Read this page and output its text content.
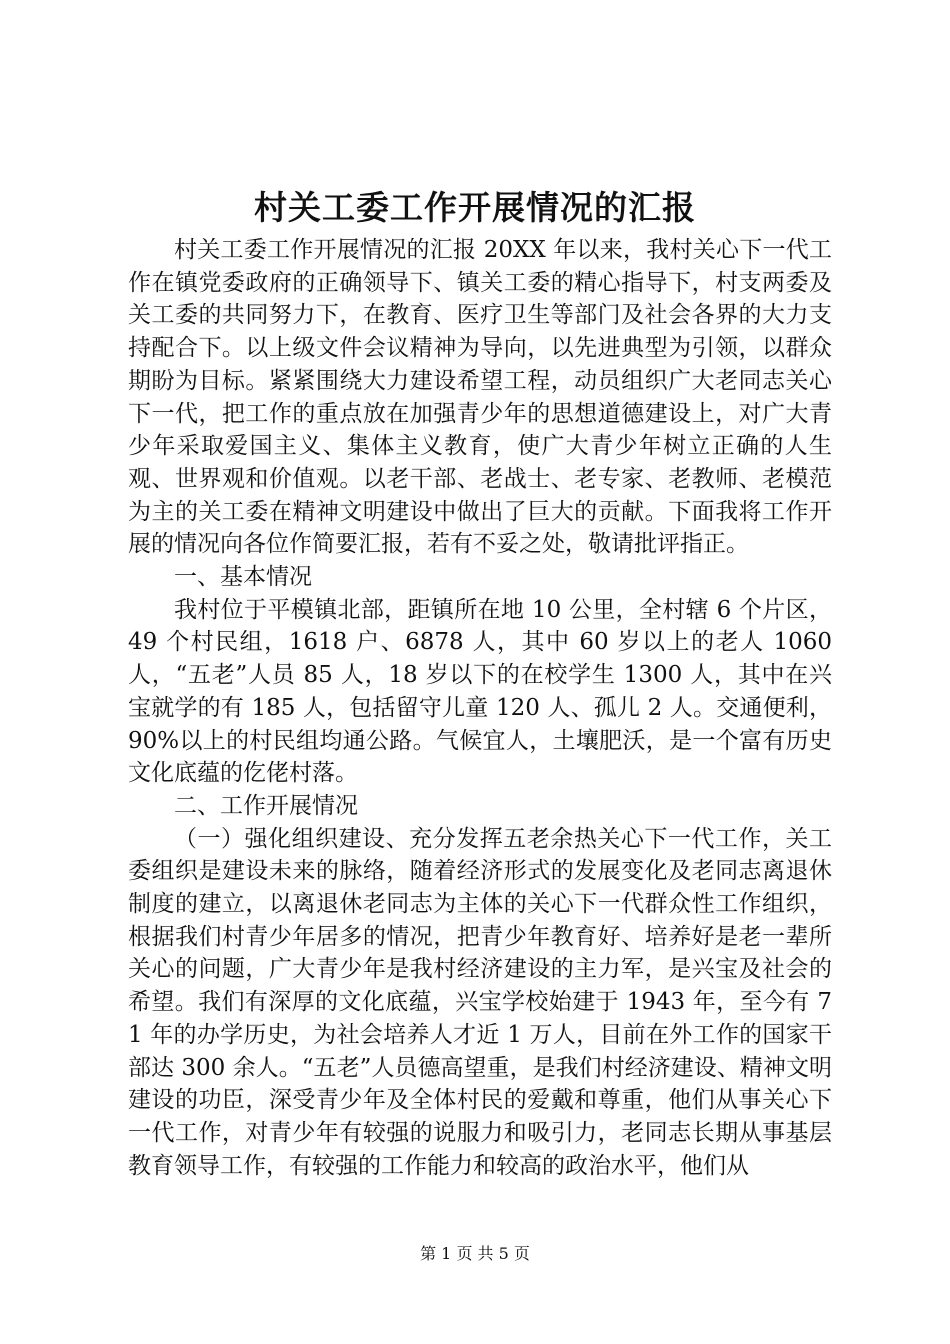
村关工委工作开展情况的汇报

村关工委工作开展情况的汇报 20XX 年以来，我村关心下一代工作在镇党委政府的正确领导下、镇关工委的精心指导下，村支两委及关工委的共同努力下，在教育、医疗卫生等部门及社会各界的大力支持配合下。以上级文件会议精神为导向，以先进典型为引领，以群众期盼为目标。紧紧围绕大力建设希望工程，动员组织广大老同志关心下一代，把工作的重点放在加强青少年的思想道德建设上，对广大青少年采取爱国主义、集体主义教育，使广大青少年树立正确的人生观、世界观和价值观。以老干部、老战士、老专家、老教师、老模范为主的关工委在精神文明建设中做出了巨大的贡献。下面我将工作开展的情况向各位作简要汇报，若有不妥之处，敬请批评指正。

一、基本情况

我村位于平模镇北部，距镇所在地 10 公里，全村辖 6 个片区，49 个村民组，1618 户、6878 人，其中 60 岁以上的老人 1060 人，“五老”人员 85 人，18 岁以下的在校学生 1300 人，其中在兴宝就学的有 185 人，包括留守儿童 120 人、孤儿 2 人。交通便利，90%以上的村民组均通公路。气候宜人，土壤肥沃，是一个富有历史文化底蕴的仡佬村落。

二、工作开展情况

（一）强化组织建设、充分发挥五老余热关心下一代工作，关工委组织是建设未来的脉络，随着经济形式的发展变化及老同志离退休制度的建立，以离退休老同志为主体的关心下一代群众性工作组织，根据我们村青少年居多的情况，把青少年教育好、培养好是老一辈所关心的问题，广大青少年是我村经济建设的主力军，是兴宝及社会的希望。我们有深厚的文化底蕴，兴宝学校始建于 1943 年，至今有 71 年的办学历史，为社会培养人才近 1 万人，目前在外工作的国家干部达 300 余人。“五老”人员德高望重，是我们村经济建设、精神文明建设的功臣，深受青少年及全体村民的爱戴和尊重，他们从事关心下一代工作，对青少年有较强的说服力和吸引力，老同志长期从事基层教育领导工作，有较强的工作能力和较高的政治水平，他们从

第 1 页 共 5 页
